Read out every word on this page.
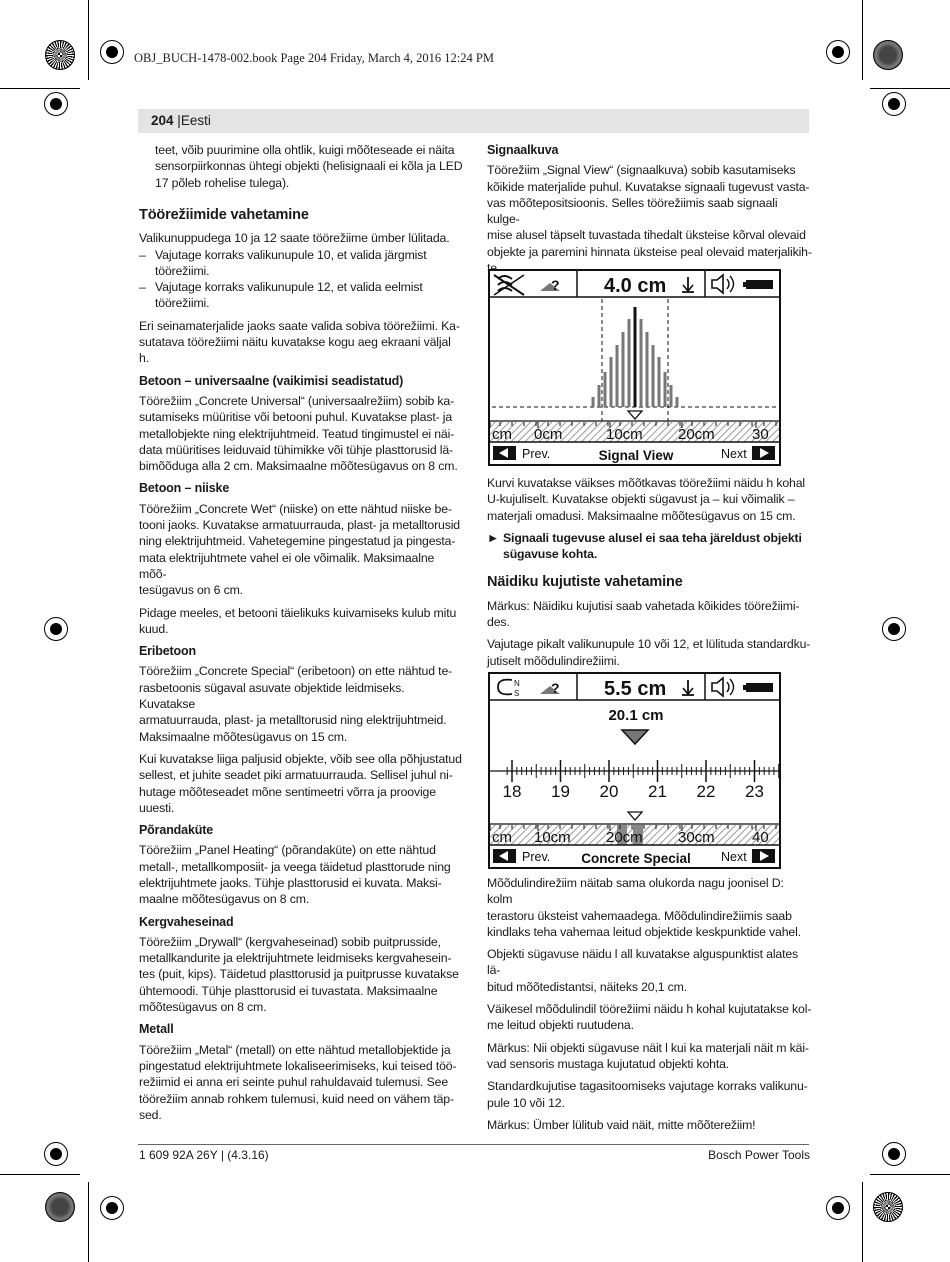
OBJ_BUCH-1478-002.book Page 204 Friday, March 4, 2016 12:24 PM
204 |Eesti

teet, võib puurimine olla ohtlik, kuigi mõõteseade ei näita
sensorpiirkonnas ühtegi objekti (helisignaali ei kõla ja LED
17 põleb rohelise tulega).

Töörežiimide vahetamine

Valikunuppudega 10 ja 12 saate töörežiime ümber lülitada.

– Vajutage korraks valikunupule 10, et valida järgmist töörežiimi.
– Vajutage korraks valikunupule 12, et valida eelmist töörežiimi.

Eri seinamaterjalide jaoks saate valida sobiva töörežiimi. Ka-
sutatava töörežiimi näitu kuvatakse kogu aeg ekraani väljal h.

Betoon – universaalne (vaikimisi seadistatud)

Töörežiim „Concrete Universal“ (universaalrežiim) sobib ka-
sutamiseks müüritise või betooni puhul. Kuvatakse plast- ja
metallobjekte ning elektrijuhtmeid. Teatud tingimustel ei näi-
data müüritises leiduvaid tühimikke või tühje plasttorusid lä-
bimõõduga alla 2 cm. Maksimaalne mõõtesügavus on 8 cm.

Betoon – niiske

Töörežiim „Concrete Wet“ (niiske) on ette nähtud niiske be-
tooni jaoks. Kuvatakse armatuurrauda, plast- ja metalltorusid
ning elektrijuhtmeid. Vahetegemine pingestatud ja pingesta-
mata elektrijuhtmete vahel ei ole võimalik. Maksimaalne mõõ-
tesügavus on 6 cm.

Pidage meeles, et betooni täielikuks kuivamiseks kulub mitu
kuud.

Eribetoon

Töörežiim „Concrete Special“ (eribetoon) on ette nähtud te-
rasbetoonis sügaval asuvate objektide leidmiseks. Kuvatakse
armatuurrauda, plast- ja metalltorusid ning elektrijuhtmeid.
Maksimaalne mõõtesügavus on 15 cm.

Kui kuvatakse liiga paljusid objekte, võib see olla põhjustatud
sellest, et juhite seadet piki armatuurrauda. Sellisel juhul ni-
hutage mõõteseadet mõne sentimeetri võrra ja proovige
uuesti.

Põrandaküte

Töörežiim „Panel Heating“ (põrandaküte) on ette nähtud
metall-, metallkomposiit- ja veega täidetud plasttorude ning
elektrijuhtmete jaoks. Tühje plasttorusid ei kuvata. Maksi-
maalne mõõtesügavus on 8 cm.

Kergvaheseinad

Töörežiim „Drywall“ (kergvaheseinad) sobib puitprusside,
metallkandurite ja elektrijuhtmete leidmiseks kergvahesein-
tes (puit, kips). Täidetud plasttorusid ja puitprusse kuvatakse
ühtemoodi. Tühje plasttorusid ei tuvastata. Maksimaalne
mõõtesügavus on 8 cm.

Metall

Töörežiim „Metal“ (metall) on ette nähtud metallobjektide ja
pingestatud elektrijuhtmete lokaliseerimiseks, kui teised töö-
režiimid ei anna eri seinte puhul rahuldavaid tulemusi. See
töörežiim annab rohkem tulemusi, kuid need on vähem täp-
sed.

Signaalkuva

Töörežiim „Signal View“ (signaalkuva) sobib kasutamiseks
kõikide materjalide puhul. Kuvatakse signaali tugevust vasta-
vas mõõtepositsioonis. Selles töörežiimis saab signaali kulge-
mise alusel täpselt tuvastada tihedalt üksteise kõrval olevaid
objekte ja paremini hinnata üksteise peal olevaid materjalikih-

? 4.0 cm
cm 0cm	10cm 20cm 30
Prev.	Signal View	Next

Kurvi kuvatakse väikses mõõtkavas töörežiimi näidu h kohal
U-kujuliselt. Kuvatakse objekti sügavust ja – kui võimalik –
materjali omadusi. Maksimaalne mõõtesügavus on 15 cm.

► Signaali tugevuse alusel ei saa teha järeldust objekti
sügavuse kohta.
Näidiku kujutiste vahetamine

Märkus: Näidiku kujutisi saab vahetada kõikides töörežiimi-
des.

Vajutage pikalt valikunupule 10 või 12, et lülituda standardku-
jutiselt mõõdulindirežiimi.

N
S ? 5.5 cm
20.1 cm
18 19 20 21 22 23
cm 10cm 20cm 30cm 40
Prev. Concrete Special Next

Mõõdulindirežiim näitab sama olukorda nagu joonisel D: kolm
terastoru üksteist vahemaadega. Mõõdulindirežiimis saab
kindlaks teha vahemaa leitud objektide keskpunktide vahel.

Objekti sügavuse näidu l all kuvatakse alguspunktist alates lä-
bitud mõõtedistantsi, näiteks 20,1 cm.

Väikesel mõõdulindil töörežiimi näidu h kohal kujutatakse kol-
me leitud objekti ruutudena.

Märkus: Nii objekti sügavuse näit l kui ka materjali näit m käi-
vad sensoris mustaga kujutatud objekti kohta.

Standardkujutise tagasitoomiseks vajutage korraks valikunu-
pule 10 või 12.

Märkus: Ümber lülitub vaid näit, mitte mõõterežiim!

1 609 92A 26Y | (4.3.16)	Bosch Power Tools
